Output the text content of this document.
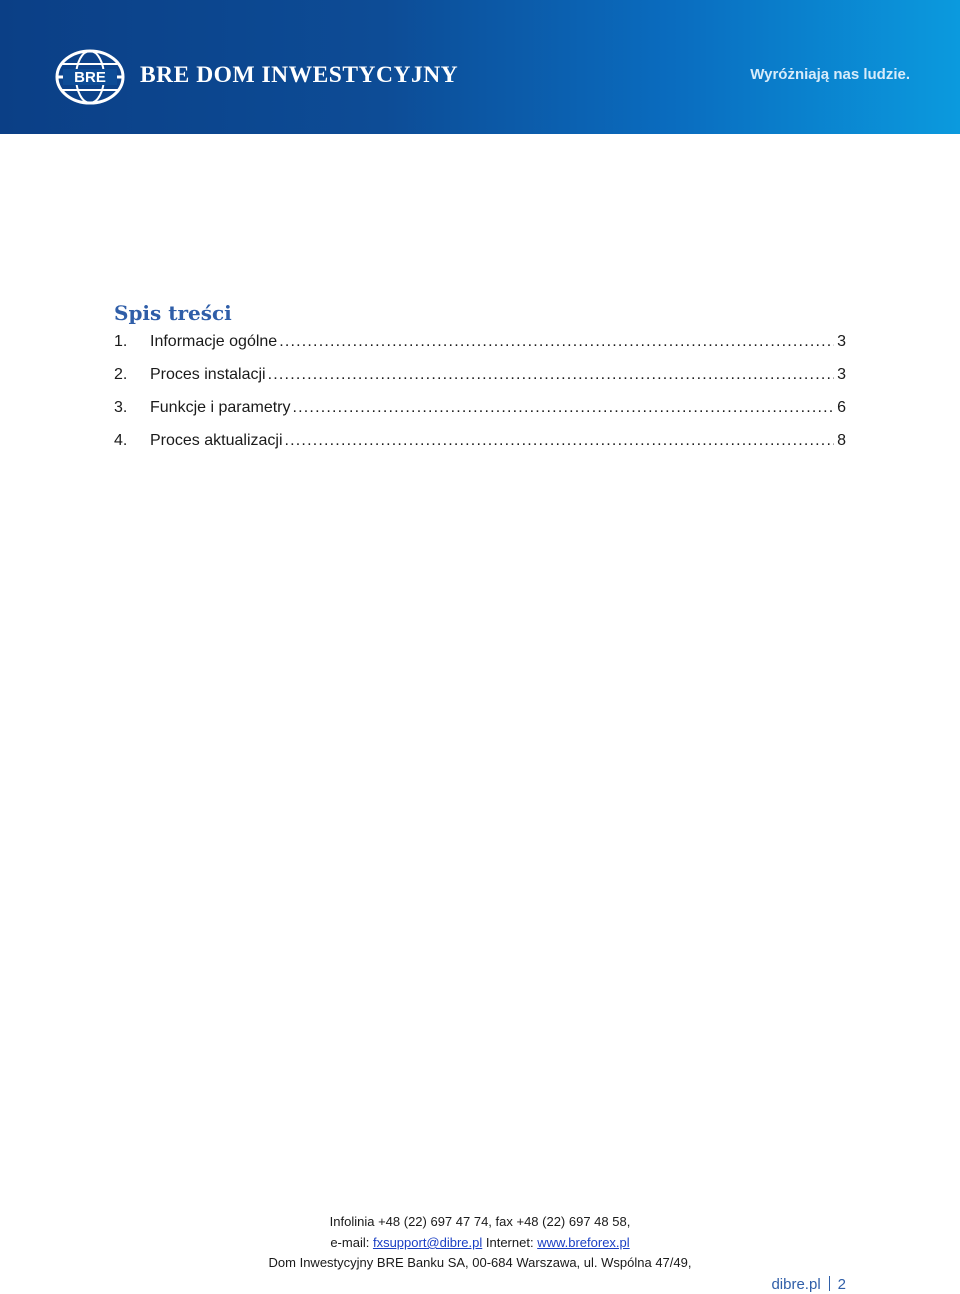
BRE BRE DOM INWESTYCYJNY	Wyróżniają nas ludzie.
Spis treści
1.	Informacje ogólne .....	3
2.	Proces instalacji .....	3
3.	Funkcje i parametry .....	6
4.	Proces aktualizacji .....	8
Infolinia +48 (22) 697 47 74, fax +48 (22) 697 48 58,
e-mail: fxsupport@dibre.pl Internet: www.breforex.pl
Dom Inwestycyjny BRE Banku SA, 00-684 Warszawa, ul. Wspólna 47/49,
dibre.pl 2
